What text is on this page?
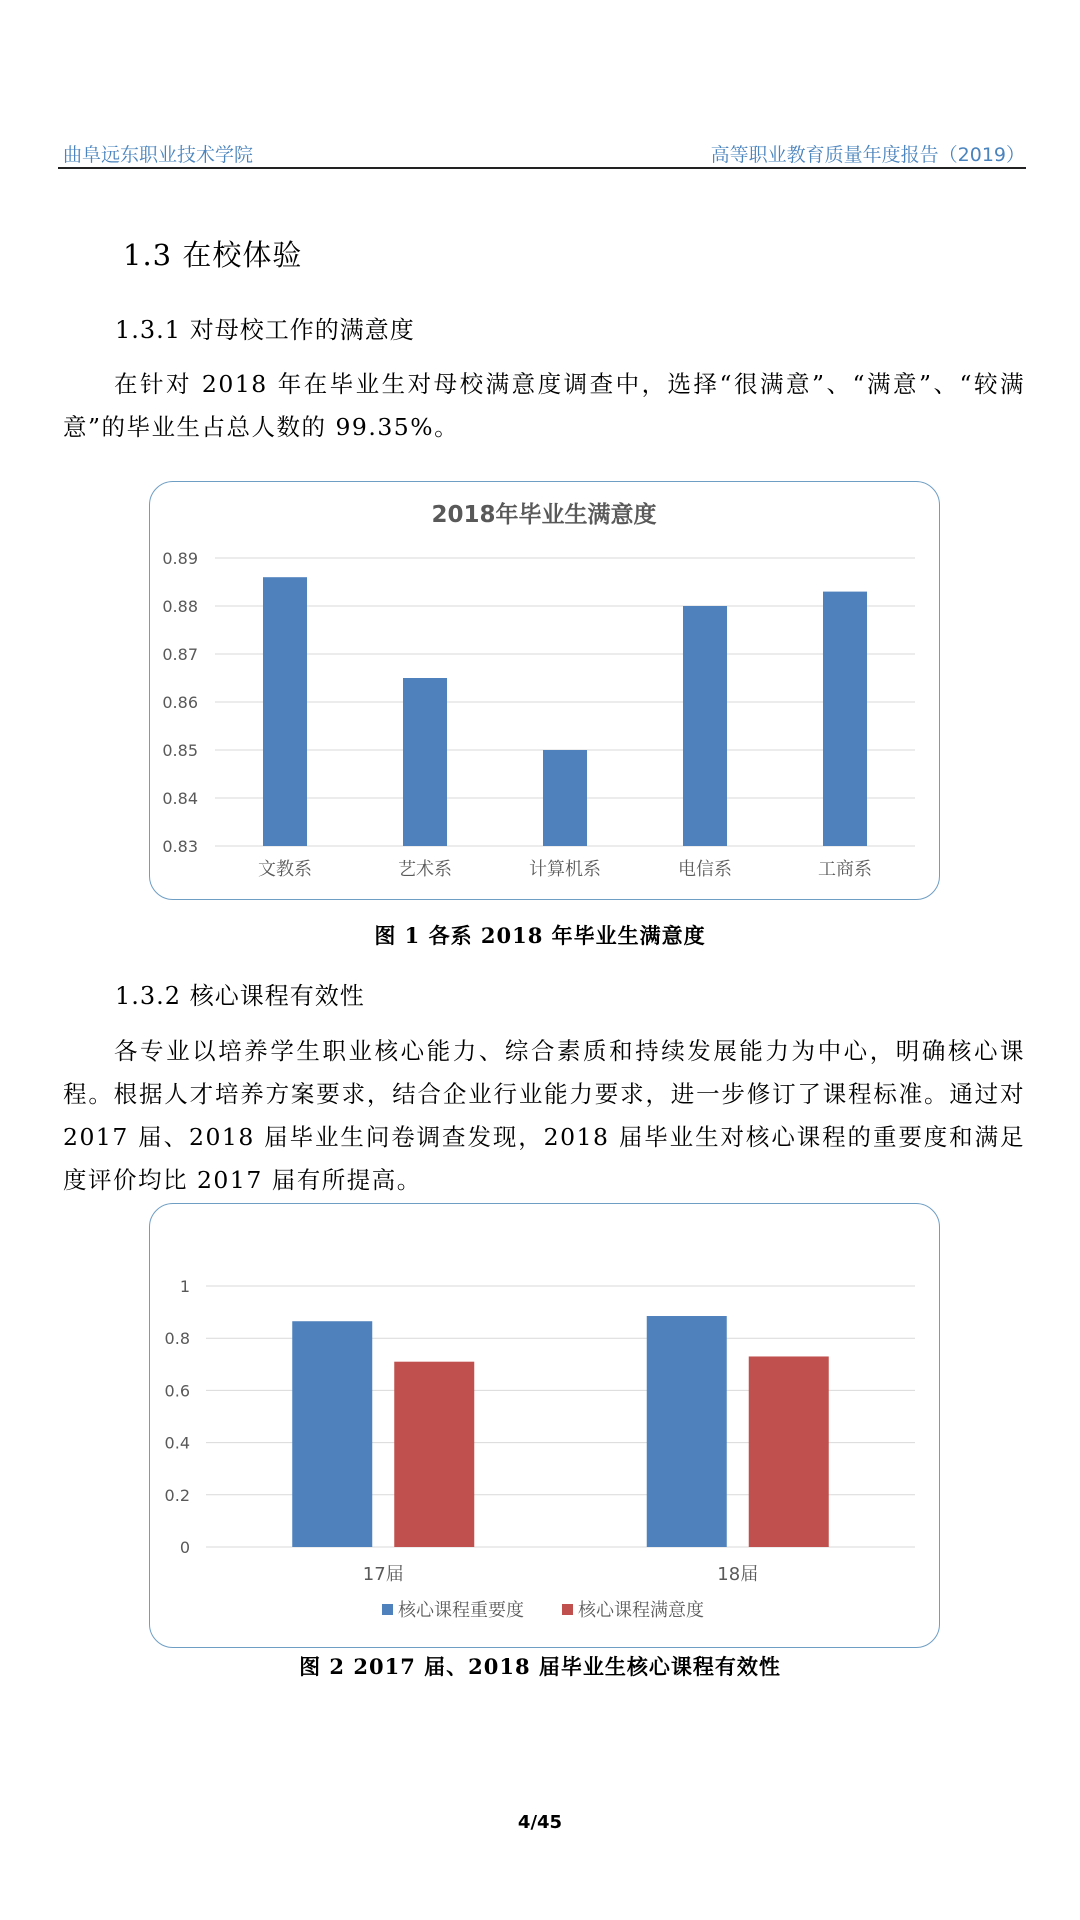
曲阜远东职业技术学院	高等职业教育质量年度报告（2019）
1.3 在校体验
1.3.1 对母校工作的满意度
在针对 2018 年在毕业生对母校满意度调查中，选择“很满意”、“满意”、“较满意”的毕业生占总人数的 99.35%。
2018年毕业生满意度
0.83
0.84
0.85
0.86
0.87
0.88
0.89
文教系	艺术系	计算机系	电信系	工商系
图 1 各系 2018 年毕业生满意度
1.3.2 核心课程有效性
各专业以培养学生职业核心能力、综合素质和持续发展能力为中心，明确核心课程。根据人才培养方案要求，结合企业行业能力要求，进一步修订了课程标准。通过对 2017 届、2018 届毕业生问卷调查发现，2018 届毕业生对核心课程的重要度和满足度评价均比 2017 届有所提高。
0
0.2
0.4
0.6
0.8
1
17届	18届
核心课程重要度	核心课程满意度
图 2 2017 届、2018 届毕业生核心课程有效性
4/45
